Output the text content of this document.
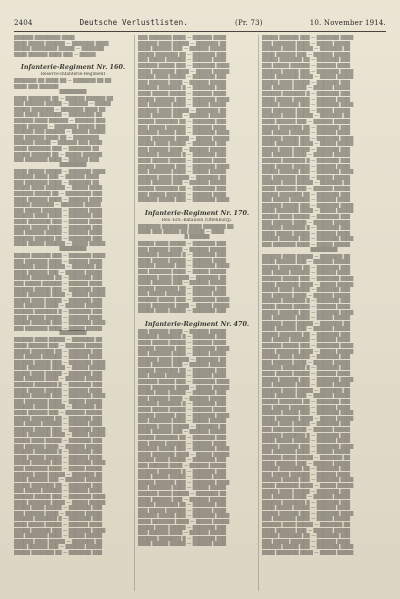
2404	Deutsche Verlustlisten.	(Pr. 73)	10. November 1914.
▒▒▒▒▒▒ ▒▒▒▒▒▒▒▒ ▒▒▒▒
▒▒▒▒ ▒▒▒▒▒ ▒▒▒▒▒▒ — ▒▒▒▒▒▒▒ ▒▒▒▒
▒▒▒▒▒ ▒▒▒▒▒▒▒▒ ▒▒▒▒▒ — ▒▒▒▒▒▒▒
▒▒▒▒ ▒▒▒▒▒▒ ▒▒▒▒ ▒▒▒ — ▒▒▒▒▒
Infanterie-Regiment Nr. 160.
Reserve-Infanterie-Regiment
▒▒▒▒▒▒▒ ▒▒ ▒▒▒▒ ▒▒ — ▒▒▒▒▒▒▒ ▒▒ ▒▒
▒▒▒▒ ▒▒▒ ▒▒▒▒▒▒
▒▒▒▒▒▒▒▒
▒▒▒▒ ▒▒▒▒▒▒▒ ▒▒ — ▒▒▒▒▒▒ ▒▒▒▒▒▒ ▒▒
▒▒▒ ▒▒▒▒▒▒ ▒▒▒▒▒ — ▒▒▒▒▒▒ — ▒▒▒▒▒
▒▒▒▒▒ ▒▒▒▒▒▒▒ — ▒▒▒▒▒▒▒ ▒▒▒▒ ▒▒
▒▒▒ ▒▒▒▒ ▒▒▒▒▒▒▒ — ▒▒▒▒▒▒▒▒ ▒▒
▒▒▒▒▒▒ ▒▒▒▒ ▒▒▒▒▒▒ — ▒▒▒▒▒▒ ▒▒▒
▒▒▒▒ ▒▒▒▒▒▒ — ▒▒▒▒▒▒▒ ▒▒▒▒▒ ▒▒▒
▒▒▒▒▒▒ ▒▒▒ ▒▒▒▒▒▒ — ▒▒▒▒▒ ▒▒▒▒▒
▒▒▒ ▒▒▒▒▒▒ ▒▒▒▒ ▒▒ — ▒▒▒▒▒▒▒▒
▒▒▒▒▒▒ ▒▒▒▒▒ — ▒▒▒▒▒▒ ▒▒▒ ▒▒▒▒
▒▒▒▒ ▒▒▒▒▒▒▒ ▒▒▒ — ▒▒▒▒▒▒▒ ▒▒
▒▒▒▒▒ ▒▒▒▒▒▒ ▒▒ — ▒▒▒▒▒ ▒▒▒▒▒▒
▒▒▒ ▒▒▒▒▒▒▒ ▒▒▒▒ — ▒▒▒▒▒▒ ▒▒▒
▒▒▒▒▒▒▒▒
▒▒▒▒ ▒▒▒▒▒ ▒▒▒▒▒ — ▒▒▒▒▒▒▒ ▒▒▒▒
▒▒▒▒▒▒ ▒▒▒▒ ▒▒▒ — ▒▒▒▒▒▒ ▒▒▒▒
▒▒▒ ▒▒▒▒▒▒▒ ▒▒▒▒ — ▒▒▒▒▒▒▒ ▒▒
▒▒▒▒▒ ▒▒▒▒ ▒▒▒▒▒▒ — ▒▒▒▒▒ ▒▒▒▒
▒▒▒▒▒▒ ▒▒▒▒▒ ▒▒ — ▒▒▒▒▒▒▒▒ ▒▒▒
▒▒▒▒ ▒▒▒▒▒▒ ▒▒▒▒ — ▒▒▒▒▒▒ ▒▒▒▒
▒▒▒▒▒ ▒▒▒▒▒▒▒ — ▒▒▒▒▒▒▒ ▒▒▒▒▒
▒▒▒ ▒▒▒▒▒ ▒▒▒▒▒▒ — ▒▒▒▒▒▒ ▒▒▒▒
▒▒▒▒▒▒ ▒▒▒▒ ▒▒▒▒ — ▒▒▒▒▒▒▒ ▒▒▒
▒▒▒▒ ▒▒▒▒▒▒▒ ▒▒▒ — ▒▒▒▒▒▒ ▒▒▒▒
▒▒▒▒▒ ▒▒▒▒▒ ▒▒▒▒ — ▒▒▒▒▒▒▒ ▒▒▒
▒▒▒ ▒▒▒▒▒▒ ▒▒▒▒▒ — ▒▒▒▒▒▒ ▒▒▒▒
▒▒▒▒▒▒ ▒▒▒▒▒▒ ▒▒ — ▒▒▒▒▒▒▒ ▒▒▒
▒▒▒▒ ▒▒▒▒▒ ▒▒▒▒▒▒ — ▒▒▒▒▒ ▒▒▒▒▒
▒▒▒▒▒▒▒▒
▒▒▒▒▒ ▒▒▒▒▒▒ ▒▒▒ — ▒▒▒▒▒▒▒ ▒▒▒▒
▒▒▒ ▒▒▒▒▒▒▒ ▒▒▒▒ — ▒▒▒▒▒▒ ▒▒▒▒
▒▒▒▒▒▒ ▒▒▒▒ ▒▒▒▒▒ — ▒▒▒▒▒▒▒ ▒▒
▒▒▒▒ ▒▒▒▒▒▒ ▒▒▒ — ▒▒▒▒▒▒ ▒▒▒▒▒
▒▒▒▒▒ ▒▒▒▒▒▒▒ ▒▒ — ▒▒▒▒▒▒▒ ▒▒▒
▒▒▒ ▒▒▒▒▒ ▒▒▒▒▒▒ — ▒▒▒▒▒▒ ▒▒▒▒
▒▒▒▒▒▒ ▒▒▒▒▒ ▒▒▒ — ▒▒▒▒▒▒▒ ▒▒▒▒
▒▒▒▒ ▒▒▒▒▒▒▒ ▒▒▒▒ — ▒▒▒▒▒ ▒▒▒▒▒
▒▒▒▒▒ ▒▒▒▒ ▒▒▒▒▒ — ▒▒▒▒▒▒▒ ▒▒▒
▒▒▒ ▒▒▒▒▒▒ ▒▒▒▒ — ▒▒▒▒▒▒ ▒▒▒▒▒
▒▒▒▒▒▒ ▒▒▒▒▒▒▒ ▒ — ▒▒▒▒▒▒▒ ▒▒▒
▒▒▒▒ ▒▒▒▒▒ ▒▒▒▒▒ — ▒▒▒▒▒▒ ▒▒▒▒
▒▒▒▒▒ ▒▒▒▒▒▒ ▒▒▒ — ▒▒▒▒▒▒▒ ▒▒▒▒
▒▒▒ ▒▒▒▒▒▒▒ ▒▒▒▒ — ▒▒▒▒▒ ▒▒▒▒▒
▒▒▒▒▒▒▒▒
▒▒▒▒▒▒ ▒▒▒▒ ▒▒▒▒▒ — ▒▒▒▒▒▒▒ ▒▒
▒▒▒▒ ▒▒▒▒▒▒ ▒▒▒ — ▒▒▒▒▒▒ ▒▒▒▒▒
▒▒▒▒▒ ▒▒▒▒▒▒▒ ▒▒ — ▒▒▒▒▒▒▒ ▒▒▒
▒▒▒ ▒▒▒▒▒ ▒▒▒▒▒▒ — ▒▒▒▒▒▒ ▒▒▒▒
▒▒▒▒▒▒ ▒▒▒▒▒ ▒▒▒ — ▒▒▒▒▒▒▒ ▒▒▒▒
▒▒▒▒ ▒▒▒▒▒▒▒ ▒▒▒▒ — ▒▒▒▒▒ ▒▒▒▒▒
▒▒▒▒▒ ▒▒▒▒ ▒▒▒▒▒ — ▒▒▒▒▒▒▒ ▒▒▒
▒▒▒ ▒▒▒▒▒▒ ▒▒▒▒ — ▒▒▒▒▒▒ ▒▒▒▒▒
▒▒▒▒▒▒ ▒▒▒▒▒▒▒ ▒ — ▒▒▒▒▒▒▒ ▒▒▒
▒▒▒▒ ▒▒▒▒▒ ▒▒▒▒▒ — ▒▒▒▒▒▒ ▒▒▒▒
▒▒▒▒▒ ▒▒▒▒▒▒ ▒▒▒ — ▒▒▒▒▒▒▒ ▒▒▒▒
▒▒▒ ▒▒▒▒▒▒▒ ▒▒▒▒ — ▒▒▒▒▒ ▒▒▒▒▒
▒▒▒▒▒▒ ▒▒▒▒ ▒▒▒▒▒ — ▒▒▒▒▒▒▒ ▒▒
▒▒▒▒ ▒▒▒▒▒▒ ▒▒▒ — ▒▒▒▒▒▒ ▒▒▒▒▒
▒▒▒▒▒ ▒▒▒▒▒▒▒ ▒▒ — ▒▒▒▒▒▒▒ ▒▒▒
▒▒▒ ▒▒▒▒▒ ▒▒▒▒▒▒ — ▒▒▒▒▒▒ ▒▒▒▒
▒▒▒▒▒▒ ▒▒▒▒▒ ▒▒▒ — ▒▒▒▒▒▒▒ ▒▒▒▒
▒▒▒▒ ▒▒▒▒▒▒▒ ▒▒▒▒ — ▒▒▒▒▒ ▒▒▒▒▒
▒▒▒▒▒ ▒▒▒▒ ▒▒▒▒▒ — ▒▒▒▒▒▒▒ ▒▒▒
▒▒▒ ▒▒▒▒▒▒ ▒▒▒▒ — ▒▒▒▒▒▒ ▒▒▒▒▒
▒▒▒▒▒▒ ▒▒▒▒▒▒▒ ▒ — ▒▒▒▒▒▒▒ ▒▒▒
▒▒▒▒ ▒▒▒▒▒ ▒▒▒▒▒ — ▒▒▒▒▒▒ ▒▒▒▒
▒▒▒▒▒ ▒▒▒▒▒▒ ▒▒▒ — ▒▒▒▒▒▒▒ ▒▒▒▒
▒▒▒ ▒▒▒▒▒▒▒ ▒▒▒▒ — ▒▒▒▒▒ ▒▒▒▒▒
▒▒▒▒▒▒ ▒▒▒▒ ▒▒▒▒▒ — ▒▒▒▒▒▒▒ ▒▒
▒▒▒▒ ▒▒▒▒▒▒ ▒▒▒ — ▒▒▒▒▒▒ ▒▒▒▒▒
▒▒▒▒▒ ▒▒▒▒▒▒▒ ▒▒ — ▒▒▒▒▒▒▒ ▒▒▒
▒▒▒ ▒▒▒▒▒ ▒▒▒▒▒▒ — ▒▒▒▒▒▒ ▒▒▒▒
▒▒▒▒▒▒ ▒▒▒▒▒ ▒▒▒ — ▒▒▒▒▒▒▒ ▒▒▒▒
▒▒▒▒ ▒▒▒▒▒▒▒ ▒▒▒▒ — ▒▒▒▒▒ ▒▒▒▒▒
▒▒▒▒▒ ▒▒▒▒ ▒▒▒▒▒ — ▒▒▒▒▒▒▒ ▒▒▒
▒▒▒ ▒▒▒▒▒▒ ▒▒▒▒ — ▒▒▒▒▒▒ ▒▒▒▒▒
▒▒▒▒▒▒ ▒▒▒▒▒▒▒ ▒ — ▒▒▒▒▒▒▒ ▒▒▒
▒▒▒▒ ▒▒▒▒▒ ▒▒▒▒▒ — ▒▒▒▒▒▒ ▒▒▒▒
▒▒▒▒▒ ▒▒▒▒▒▒ ▒▒▒ — ▒▒▒▒▒▒▒ ▒▒▒▒
▒▒▒ ▒▒▒▒▒▒▒ ▒▒▒▒ — ▒▒▒▒▒ ▒▒▒▒▒
▒▒▒▒▒▒ ▒▒▒▒ ▒▒▒▒▒ — ▒▒▒▒▒▒▒ ▒▒
▒▒▒▒ ▒▒▒▒▒▒ ▒▒▒ — ▒▒▒▒▒▒ ▒▒▒▒▒
▒▒▒▒▒ ▒▒▒▒▒▒▒ ▒▒ — ▒▒▒▒▒▒▒ ▒▒▒
▒▒▒ ▒▒▒▒▒▒▒ ▒▒▒▒ — ▒▒▒▒▒▒ ▒▒▒▒
▒▒▒▒▒▒ ▒▒▒▒ ▒▒▒▒▒ — ▒▒▒▒▒▒▒ ▒▒
▒▒▒▒ ▒▒▒▒▒▒ ▒▒▒ — ▒▒▒▒▒▒ ▒▒▒▒▒
▒▒▒▒▒ ▒▒▒▒▒▒▒ ▒▒ — ▒▒▒▒▒▒▒ ▒▒▒
▒▒▒ ▒▒▒▒▒ ▒▒▒▒▒▒ — ▒▒▒▒▒▒ ▒▒▒▒
▒▒▒▒▒▒ ▒▒▒▒▒ ▒▒▒ — ▒▒▒▒▒▒▒ ▒▒▒▒
▒▒▒▒ ▒▒▒▒▒▒▒ ▒▒▒▒ — ▒▒▒▒▒ ▒▒▒▒▒
▒▒▒▒▒ ▒▒▒▒ ▒▒▒▒▒ — ▒▒▒▒▒▒▒ ▒▒▒
▒▒▒ ▒▒▒▒▒▒ ▒▒▒▒ — ▒▒▒▒▒▒ ▒▒▒▒▒
▒▒▒▒▒▒ ▒▒▒▒▒▒▒ ▒ — ▒▒▒▒▒▒▒ ▒▒▒
▒▒▒▒ ▒▒▒▒▒ ▒▒▒▒▒ — ▒▒▒▒▒▒ ▒▒▒▒
▒▒▒▒▒ ▒▒▒▒▒▒ ▒▒▒ — ▒▒▒▒▒▒▒ ▒▒▒▒
▒▒▒ ▒▒▒▒▒▒▒ ▒▒▒▒ — ▒▒▒▒▒ ▒▒▒▒▒
▒▒▒▒▒▒ ▒▒▒▒ ▒▒▒▒▒ — ▒▒▒▒▒▒▒ ▒▒
▒▒▒▒ ▒▒▒▒▒▒ ▒▒▒ — ▒▒▒▒▒▒ ▒▒▒▒▒
▒▒▒▒▒ ▒▒▒▒▒▒▒ ▒▒ — ▒▒▒▒▒▒▒ ▒▒▒
▒▒▒ ▒▒▒▒▒ ▒▒▒▒▒▒ — ▒▒▒▒▒▒ ▒▒▒▒
▒▒▒▒▒▒ ▒▒▒▒▒ ▒▒▒ — ▒▒▒▒▒▒▒ ▒▒▒▒
▒▒▒▒ ▒▒▒▒▒▒▒ ▒▒▒▒ — ▒▒▒▒▒ ▒▒▒▒▒
▒▒▒▒▒ ▒▒▒▒ ▒▒▒▒▒ — ▒▒▒▒▒▒▒ ▒▒▒
▒▒▒ ▒▒▒▒▒▒ ▒▒▒▒ — ▒▒▒▒▒▒ ▒▒▒▒▒
▒▒▒▒▒▒ ▒▒▒▒▒▒▒ ▒ — ▒▒▒▒▒▒▒ ▒▒▒
▒▒▒▒ ▒▒▒▒▒ ▒▒▒▒▒ — ▒▒▒▒▒▒ ▒▒▒▒
▒▒▒▒▒ ▒▒▒▒▒▒ ▒▒▒ — ▒▒▒▒▒▒▒ ▒▒▒▒
▒▒▒ ▒▒▒▒▒▒▒ ▒▒▒▒ — ▒▒▒▒▒ ▒▒▒▒▒
▒▒▒▒▒▒ ▒▒▒▒ ▒▒▒▒▒ — ▒▒▒▒▒▒▒ ▒▒
▒▒▒▒ ▒▒▒▒▒▒ ▒▒▒ — ▒▒▒▒▒▒ ▒▒▒▒▒
▒▒▒▒▒ ▒▒▒▒▒▒▒ ▒▒ — ▒▒▒▒▒▒▒ ▒▒▒
▒▒▒ ▒▒▒▒▒ ▒▒▒▒▒▒ — ▒▒▒▒▒▒ ▒▒▒▒
▒▒▒▒▒▒ ▒▒▒▒▒ ▒▒▒ — ▒▒▒▒▒▒▒ ▒▒▒▒
Infanterie-Regiment Nr. 170.
Res.-Ers.-Bataillon (Offenburg).
▒▒▒▒▒▒▒ ▒▒▒▒▒▒▒▒ ▒▒▒▒ ▒▒▒▒▒▒▒ ▒▒
▒▒▒▒ ▒▒▒ ▒▒▒▒▒ ▒▒ ▒▒▒▒▒ — ▒▒▒▒
▒ ▒▒▒▒▒▒
▒▒▒▒▒ ▒▒▒▒ ▒▒▒▒▒ — ▒▒▒▒▒▒▒ ▒▒▒
▒▒▒ ▒▒▒▒▒▒ ▒▒▒▒ — ▒▒▒▒▒▒ ▒▒▒▒▒
▒▒▒▒▒▒ ▒▒▒▒▒▒▒ ▒ — ▒▒▒▒▒▒▒ ▒▒▒
▒▒▒▒ ▒▒▒▒▒ ▒▒▒▒▒ — ▒▒▒▒▒▒ ▒▒▒▒
▒▒▒▒▒ ▒▒▒▒▒▒ ▒▒▒ — ▒▒▒▒▒▒▒ ▒▒▒▒
▒▒▒ ▒▒▒▒▒▒▒ ▒▒▒▒ — ▒▒▒▒▒ ▒▒▒▒▒
▒▒▒▒▒▒ ▒▒▒▒ ▒▒▒▒▒ — ▒▒▒▒▒▒▒ ▒▒
▒▒▒▒ ▒▒▒▒▒▒ ▒▒▒ — ▒▒▒▒▒▒ ▒▒▒▒▒
▒▒▒▒▒ ▒▒▒▒▒▒▒ ▒▒ — ▒▒▒▒▒▒▒ ▒▒▒
▒▒▒ ▒▒▒▒▒ ▒▒▒▒▒▒ — ▒▒▒▒▒▒ ▒▒▒▒
▒▒▒▒▒▒ ▒▒▒▒▒ ▒▒▒ — ▒▒▒▒▒▒▒ ▒▒▒▒
▒▒▒▒ ▒▒▒▒▒▒▒ ▒▒▒▒ — ▒▒▒▒▒ ▒▒▒▒▒
▒▒▒▒▒ ▒▒▒▒ ▒▒▒▒▒ — ▒▒▒▒▒▒▒ ▒▒▒
Infanterie-Regiment Nr. 470.
▒▒▒ ▒▒▒▒▒▒ ▒▒▒▒ — ▒▒▒▒▒▒ ▒▒▒▒▒
▒▒▒▒▒▒ ▒▒▒▒▒▒▒ ▒ — ▒▒▒▒▒▒▒ ▒▒▒
▒▒▒▒ ▒▒▒▒▒ ▒▒▒▒▒ — ▒▒▒▒▒▒ ▒▒▒▒
▒▒▒▒▒ ▒▒▒▒▒▒ ▒▒▒ — ▒▒▒▒▒▒▒ ▒▒▒▒
▒▒▒ ▒▒▒▒▒▒▒ ▒▒▒▒ — ▒▒▒▒▒ ▒▒▒▒▒
▒▒▒▒▒▒ ▒▒▒▒ ▒▒▒▒▒ — ▒▒▒▒▒▒▒ ▒▒
▒▒▒▒ ▒▒▒▒▒▒ ▒▒▒ — ▒▒▒▒▒▒ ▒▒▒▒▒
▒▒▒▒▒ ▒▒▒▒▒▒▒ ▒▒ — ▒▒▒▒▒▒▒ ▒▒▒
▒▒▒ ▒▒▒▒▒ ▒▒▒▒▒▒ — ▒▒▒▒▒▒ ▒▒▒▒
▒▒▒▒▒▒ ▒▒▒▒▒ ▒▒▒ — ▒▒▒▒▒▒▒ ▒▒▒▒
▒▒▒▒ ▒▒▒▒▒▒▒ ▒▒▒▒ — ▒▒▒▒▒ ▒▒▒▒▒
▒▒▒▒▒ ▒▒▒▒ ▒▒▒▒▒ — ▒▒▒▒▒▒▒ ▒▒▒
▒▒▒ ▒▒▒▒▒▒ ▒▒▒▒ — ▒▒▒▒▒▒ ▒▒▒▒▒
▒▒▒▒▒▒ ▒▒▒▒▒▒▒ ▒ — ▒▒▒▒▒▒▒ ▒▒▒
▒▒▒▒ ▒▒▒▒▒ ▒▒▒▒▒ — ▒▒▒▒▒▒ ▒▒▒▒
▒▒▒▒▒ ▒▒▒▒▒▒ ▒▒▒ — ▒▒▒▒▒▒▒ ▒▒▒▒
▒▒▒ ▒▒▒▒▒▒▒ ▒▒▒▒ — ▒▒▒▒▒ ▒▒▒▒▒
▒▒▒▒▒▒ ▒▒▒▒ ▒▒▒▒▒ — ▒▒▒▒▒▒▒ ▒▒
▒▒▒▒ ▒▒▒▒▒▒ ▒▒▒ — ▒▒▒▒▒▒ ▒▒▒▒▒
▒▒▒▒▒ ▒▒▒▒▒▒▒ ▒▒ — ▒▒▒▒▒▒▒ ▒▒▒
▒▒▒ ▒▒▒▒▒ ▒▒▒▒▒▒ — ▒▒▒▒▒▒ ▒▒▒▒
▒▒▒▒▒▒ ▒▒▒▒▒ ▒▒▒ — ▒▒▒▒▒▒▒ ▒▒▒▒
▒▒▒▒ ▒▒▒▒▒▒▒ ▒▒▒▒ — ▒▒▒▒▒ ▒▒▒▒▒
▒▒▒▒▒ ▒▒▒▒ ▒▒▒▒▒ — ▒▒▒▒▒▒▒ ▒▒▒
▒▒▒ ▒▒▒▒▒▒ ▒▒▒▒ — ▒▒▒▒▒▒ ▒▒▒▒▒
▒▒▒▒▒▒ ▒▒▒▒▒▒▒ ▒ — ▒▒▒▒▒▒▒ ▒▒▒
▒▒▒▒ ▒▒▒▒▒ ▒▒▒▒▒ — ▒▒▒▒▒▒ ▒▒▒▒
▒▒▒▒▒ ▒▒▒▒▒▒ ▒▒▒ — ▒▒▒▒▒▒▒ ▒▒▒▒
▒▒▒ ▒▒▒▒▒▒▒ ▒▒▒▒ — ▒▒▒▒▒ ▒▒▒▒▒
▒▒▒▒▒▒ ▒▒▒▒ ▒▒▒▒▒ — ▒▒▒▒▒▒▒ ▒▒
▒▒▒▒ ▒▒▒▒▒▒ ▒▒▒ — ▒▒▒▒▒▒ ▒▒▒▒▒
▒▒▒▒▒ ▒▒▒▒▒▒▒ ▒▒ — ▒▒▒▒▒▒▒ ▒▒▒
▒▒▒ ▒▒▒▒▒ ▒▒▒▒▒▒ — ▒▒▒▒▒▒ ▒▒▒▒
▒▒▒▒▒▒ ▒▒▒▒▒ ▒▒▒ — ▒▒▒▒▒▒▒ ▒▒▒▒
▒▒▒▒ ▒▒▒▒▒▒▒ ▒▒▒▒ — ▒▒▒▒▒ ▒▒▒▒▒
▒▒▒▒▒ ▒▒▒▒ ▒▒▒▒▒ — ▒▒▒▒▒▒▒ ▒▒▒
▒▒▒ ▒▒▒▒▒▒ ▒▒▒▒ — ▒▒▒▒▒▒ ▒▒▒▒▒
▒▒▒▒▒▒ ▒▒▒▒▒▒▒ ▒ — ▒▒▒▒▒▒▒ ▒▒▒
▒▒▒▒ ▒▒▒▒▒ ▒▒▒▒▒ — ▒▒▒▒▒▒ ▒▒▒▒
▒▒▒▒▒ ▒▒▒▒▒▒ ▒▒▒ — ▒▒▒▒▒▒▒ ▒▒▒▒
▒▒▒ ▒▒▒▒▒▒▒ ▒▒▒▒ — ▒▒▒▒▒ ▒▒▒▒▒
▒▒▒▒▒▒ ▒▒▒▒ ▒▒▒▒▒ — ▒▒▒▒▒▒▒ ▒▒
▒▒▒▒ ▒▒▒▒▒▒ ▒▒▒ — ▒▒▒▒▒▒ ▒▒▒▒▒
▒▒▒▒▒ ▒▒▒▒▒▒▒ ▒▒ — ▒▒▒▒▒▒▒ ▒▒▒
▒▒▒ ▒▒▒▒▒ ▒▒▒▒▒▒ — ▒▒▒▒▒▒ ▒▒▒▒
▒▒▒▒▒▒ ▒▒▒▒▒ ▒▒▒ — ▒▒▒▒▒▒▒ ▒▒▒▒
▒▒▒▒ ▒▒▒▒▒▒▒ ▒▒▒▒ — ▒▒▒▒▒ ▒▒▒▒▒
▒▒▒▒▒ ▒▒▒▒ ▒▒▒▒▒ — ▒▒▒▒▒▒▒ ▒▒▒
▒▒▒ ▒▒▒▒▒▒ ▒▒▒▒ — ▒▒▒▒▒▒ ▒▒▒▒▒
▒▒▒▒▒▒ ▒▒▒▒▒▒▒ ▒ — ▒▒▒▒▒▒▒ ▒▒▒
▒▒▒▒ ▒▒▒▒▒ ▒▒▒▒▒ — ▒▒▒▒▒▒ ▒▒▒▒
▒▒▒▒▒ ▒▒▒▒▒▒ ▒▒▒ — ▒▒▒▒▒▒▒ ▒▒▒▒
▒▒▒ ▒▒▒▒▒▒▒ ▒▒▒▒ — ▒▒▒▒▒ ▒▒▒▒▒
▒▒▒▒▒▒ ▒▒▒▒ ▒▒▒▒▒ — ▒▒▒▒▒▒▒ ▒▒
▒▒▒▒ ▒▒▒▒▒▒ ▒▒▒ — ▒▒▒▒▒▒ ▒▒▒▒▒
▒▒▒▒▒ ▒▒▒▒▒▒▒ ▒▒ — ▒▒▒▒▒▒▒ ▒▒▒
▒▒▒ ▒▒▒▒▒ ▒▒▒▒▒▒ — ▒▒▒▒▒▒ ▒▒▒▒
▒▒▒▒▒▒ ▒▒▒▒▒ ▒▒▒ — ▒▒▒▒▒▒▒ ▒▒▒▒
▒▒▒▒ ▒▒▒▒▒▒▒ ▒▒▒▒ — ▒▒▒▒▒ ▒▒▒▒▒
▒▒▒▒▒ ▒▒▒▒ ▒▒▒▒▒ — ▒▒▒▒▒▒▒ ▒▒▒
▒▒▒ ▒▒▒▒▒▒ ▒▒▒▒ — ▒▒▒▒▒▒ ▒▒▒▒▒
▒▒▒▒▒▒ ▒▒▒▒▒▒▒ ▒ — ▒▒▒▒▒▒▒ ▒▒▒
▒▒▒▒ ▒▒▒▒▒ ▒▒▒▒▒ — ▒▒▒▒▒▒ ▒▒▒▒
▒▒▒▒▒ ▒▒▒▒▒▒ ▒▒▒ — ▒▒▒▒▒▒▒ ▒▒▒▒
▒▒▒ ▒▒▒▒▒▒▒ ▒▒▒▒ — ▒▒▒▒▒ ▒▒▒▒▒
▒▒▒▒▒▒ ▒▒▒▒ ▒▒▒▒▒ — ▒▒▒▒▒▒▒ ▒▒
▒▒▒▒ ▒▒▒▒▒▒ ▒▒▒ — ▒▒▒▒▒▒ ▒▒▒▒▒
▒▒▒▒▒ ▒▒▒▒▒▒▒ ▒▒ — ▒▒▒▒▒▒▒ ▒▒▒
▒▒▒ ▒▒▒▒▒ ▒▒▒▒▒▒ — ▒▒▒▒▒▒ ▒▒▒▒
▒▒▒▒▒▒ ▒▒▒▒▒ ▒▒▒ — ▒▒▒▒▒▒▒ ▒▒▒▒
▒▒▒▒ ▒▒▒▒▒▒▒ ▒▒▒▒ — ▒▒▒▒▒ ▒▒▒▒▒
▒▒▒▒▒ ▒▒▒▒ ▒▒▒▒▒ — ▒▒▒▒▒▒▒ ▒▒▒
▒▒▒ ▒▒▒▒▒▒ ▒▒▒▒ — ▒▒▒▒▒▒ ▒▒▒▒▒
▒▒▒▒▒▒ ▒▒▒▒▒▒▒ ▒ — ▒▒▒▒▒▒▒ ▒▒▒
▒▒▒▒ ▒▒▒▒▒ ▒▒▒▒▒ — ▒▒▒▒▒▒ ▒▒▒▒
▒▒▒▒▒ ▒▒▒▒▒▒ ▒▒▒ — ▒▒▒▒▒▒▒ ▒▒▒▒
▒▒▒ ▒▒▒▒▒▒▒ ▒▒▒▒ — ▒▒▒▒▒ ▒▒▒▒▒
▒▒▒▒▒▒▒▒
▒▒▒▒▒▒ ▒▒▒▒ ▒▒▒▒▒ — ▒▒▒▒▒▒▒ ▒▒
▒▒▒▒ ▒▒▒▒▒▒ ▒▒▒ — ▒▒▒▒▒▒ ▒▒▒▒▒
▒▒▒▒▒ ▒▒▒▒▒▒▒ ▒▒ — ▒▒▒▒▒▒▒ ▒▒▒
▒▒▒ ▒▒▒▒▒ ▒▒▒▒▒▒ — ▒▒▒▒▒▒ ▒▒▒▒
▒▒▒▒▒▒ ▒▒▒▒▒ ▒▒▒ — ▒▒▒▒▒▒▒ ▒▒▒▒
▒▒▒▒ ▒▒▒▒▒▒▒ ▒▒▒▒ — ▒▒▒▒▒ ▒▒▒▒▒
▒▒▒▒▒ ▒▒▒▒ ▒▒▒▒▒ — ▒▒▒▒▒▒▒ ▒▒▒
▒▒▒ ▒▒▒▒▒▒ ▒▒▒▒ — ▒▒▒▒▒▒ ▒▒▒▒▒
▒▒▒▒▒▒ ▒▒▒▒▒▒▒ ▒ — ▒▒▒▒▒▒▒ ▒▒▒
▒▒▒▒ ▒▒▒▒▒ ▒▒▒▒▒ — ▒▒▒▒▒▒ ▒▒▒▒
▒▒▒▒▒ ▒▒▒▒▒▒ ▒▒▒ — ▒▒▒▒▒▒▒ ▒▒▒▒
▒▒▒ ▒▒▒▒▒▒▒ ▒▒▒▒ — ▒▒▒▒▒ ▒▒▒▒▒
▒▒▒▒▒▒ ▒▒▒▒ ▒▒▒▒▒ — ▒▒▒▒▒▒▒ ▒▒
▒▒▒▒ ▒▒▒▒▒▒ ▒▒▒ — ▒▒▒▒▒▒ ▒▒▒▒▒
▒▒▒▒▒ ▒▒▒▒▒▒▒ ▒▒ — ▒▒▒▒▒▒▒ ▒▒▒
▒▒▒ ▒▒▒▒▒ ▒▒▒▒▒▒ — ▒▒▒▒▒▒ ▒▒▒▒
▒▒▒▒▒▒ ▒▒▒▒▒ ▒▒▒ — ▒▒▒▒▒▒▒ ▒▒▒▒
▒▒▒▒ ▒▒▒▒▒▒▒ ▒▒▒▒ — ▒▒▒▒▒ ▒▒▒▒▒
▒▒▒▒▒ ▒▒▒▒ ▒▒▒▒▒ — ▒▒▒▒▒▒▒ ▒▒▒
▒▒▒ ▒▒▒▒▒▒ ▒▒▒▒ — ▒▒▒▒▒▒ ▒▒▒▒▒
▒▒▒▒▒▒ ▒▒▒▒▒▒▒ ▒ — ▒▒▒▒▒▒▒ ▒▒▒
▒▒▒▒ ▒▒▒▒▒ ▒▒▒▒▒ — ▒▒▒▒▒▒ ▒▒▒▒
▒▒▒▒▒ ▒▒▒▒▒▒ ▒▒▒ — ▒▒▒▒▒▒▒ ▒▒▒▒
▒▒▒ ▒▒▒▒▒▒▒ ▒▒▒▒ — ▒▒▒▒▒ ▒▒▒▒▒
▒▒▒▒▒▒ ▒▒▒▒ ▒▒▒▒▒ — ▒▒▒▒▒▒▒ ▒▒
▒▒▒▒ ▒▒▒▒▒▒ ▒▒▒ — ▒▒▒▒▒▒ ▒▒▒▒▒
▒▒▒▒▒ ▒▒▒▒▒▒▒ ▒▒ — ▒▒▒▒▒▒▒ ▒▒▒
▒▒▒ ▒▒▒▒▒ ▒▒▒▒▒▒ — ▒▒▒▒▒▒ ▒▒▒▒
▒▒▒▒▒▒ ▒▒▒▒▒ ▒▒▒ — ▒▒▒▒▒▒▒ ▒▒▒▒
▒▒▒▒ ▒▒▒▒▒▒▒ ▒▒▒▒ — ▒▒▒▒▒ ▒▒▒▒▒
▒▒▒▒▒ ▒▒▒▒ ▒▒▒▒▒ — ▒▒▒▒▒▒▒ ▒▒▒
▒▒▒ ▒▒▒▒▒▒ ▒▒▒▒ — ▒▒▒▒▒▒ ▒▒▒▒▒
▒▒▒▒▒▒ ▒▒▒▒▒▒▒ ▒ — ▒▒▒▒▒▒▒ ▒▒▒
▒▒▒▒ ▒▒▒▒▒ ▒▒▒▒▒ — ▒▒▒▒▒▒ ▒▒▒▒
▒▒▒▒▒ ▒▒▒▒▒▒ ▒▒▒ — ▒▒▒▒▒▒▒ ▒▒▒▒
▒▒▒ ▒▒▒▒▒▒▒ ▒▒▒▒ — ▒▒▒▒▒ ▒▒▒▒▒
▒▒▒▒▒▒ ▒▒▒▒ ▒▒▒▒▒ — ▒▒▒▒▒▒▒ ▒▒
▒▒▒▒ ▒▒▒▒▒▒ ▒▒▒ — ▒▒▒▒▒▒ ▒▒▒▒▒
▒▒▒▒▒ ▒▒▒▒▒▒▒ ▒▒ — ▒▒▒▒▒▒▒ ▒▒▒
▒▒▒ ▒▒▒▒▒ ▒▒▒▒▒▒ — ▒▒▒▒▒▒ ▒▒▒▒
▒▒▒▒▒▒ ▒▒▒▒▒ ▒▒▒ — ▒▒▒▒▒▒▒ ▒▒▒▒
▒▒▒▒ ▒▒▒▒▒▒▒ ▒▒▒▒ — ▒▒▒▒▒ ▒▒▒▒▒
▒▒▒▒▒ ▒▒▒▒ ▒▒▒▒▒ — ▒▒▒▒▒▒▒ ▒▒▒
▒▒▒ ▒▒▒▒▒▒ ▒▒▒▒ — ▒▒▒▒▒▒ ▒▒▒▒▒
▒▒▒▒▒▒ ▒▒▒▒▒▒▒ ▒ — ▒▒▒▒▒▒▒ ▒▒▒
▒▒▒▒ ▒▒▒▒▒ ▒▒▒▒▒ — ▒▒▒▒▒▒ ▒▒▒▒
▒▒▒▒▒ ▒▒▒▒▒▒ ▒▒▒ — ▒▒▒▒▒▒▒ ▒▒▒▒
▒▒▒ ▒▒▒▒▒▒▒ ▒▒▒▒ — ▒▒▒▒▒ ▒▒▒▒▒
▒▒▒▒▒▒ ▒▒▒▒ ▒▒▒▒▒ — ▒▒▒▒▒▒▒ ▒▒
▒▒▒▒ ▒▒▒▒▒▒ ▒▒▒ — ▒▒▒▒▒▒ ▒▒▒▒▒
▒▒▒▒▒ ▒▒▒▒▒▒▒ ▒▒ — ▒▒▒▒▒▒▒ ▒▒▒
▒▒▒ ▒▒▒▒▒ ▒▒▒▒▒▒ — ▒▒▒▒▒▒ ▒▒▒▒
▒▒▒▒▒▒ ▒▒▒▒▒ ▒▒▒ — ▒▒▒▒▒▒▒ ▒▒▒▒
▒▒▒▒ ▒▒▒▒▒▒▒ ▒▒▒▒ — ▒▒▒▒▒ ▒▒▒▒▒
